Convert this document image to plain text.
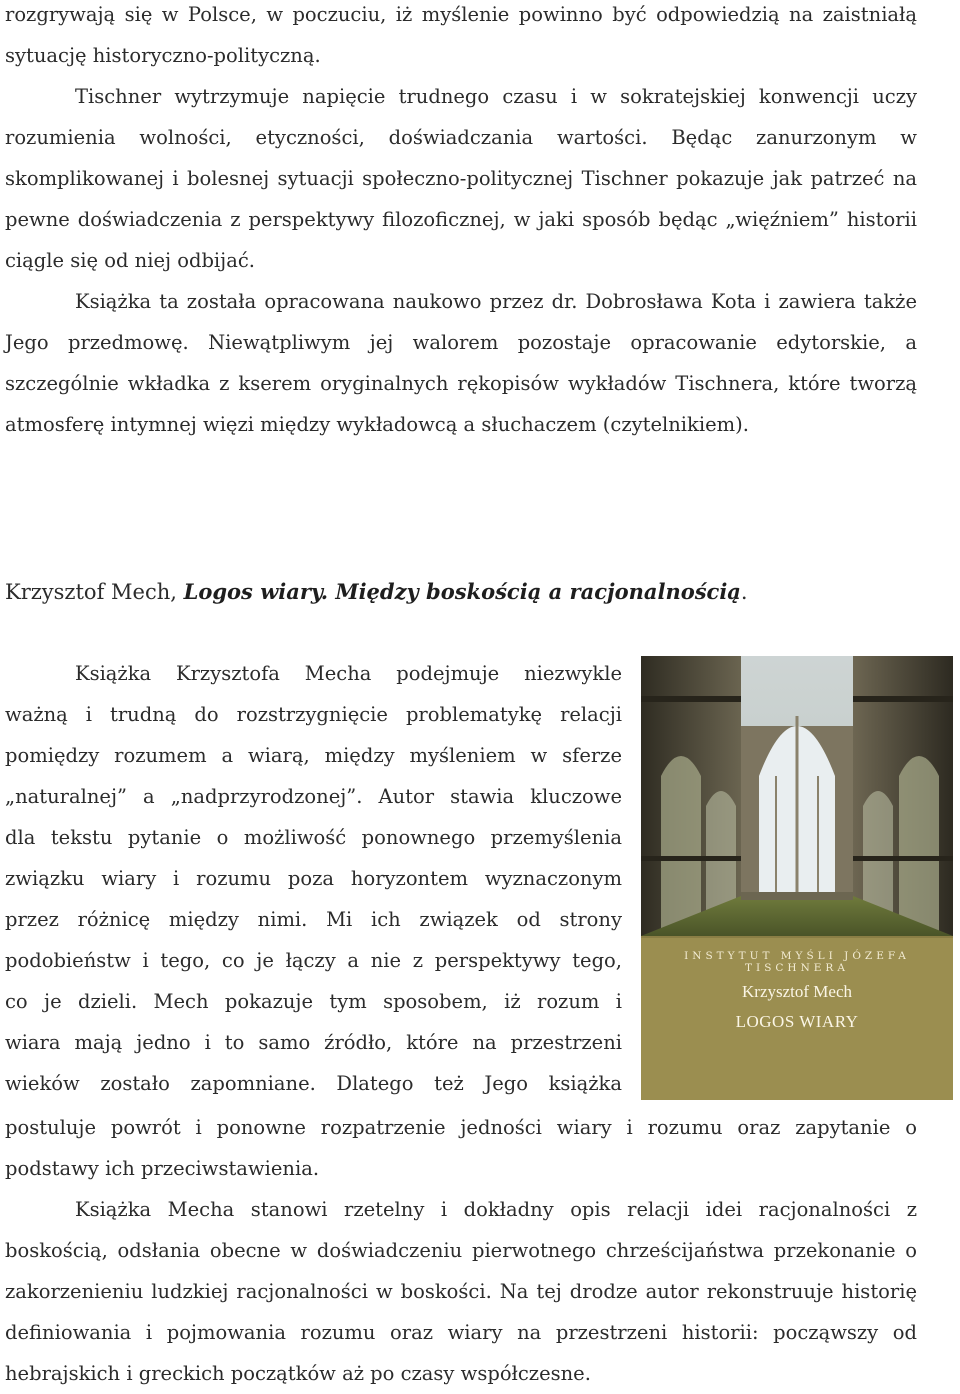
rozgrywają się w Polsce, w poczuciu, iż myślenie powinno być odpowiedzią na zaistniałą sytuację historyczno-polityczną.

Tischner wytrzymuje napięcie trudnego czasu i w sokratejskiej konwencji uczy rozumienia wolności, etyczności, doświadczania wartości. Będąc zanurzonym w skomplikowanej i bolesnej sytuacji społeczno-politycznej Tischner pokazuje jak patrzeć na pewne doświadczenia z perspektywy filozoficznej, w jaki sposób będąc „więźniem” historii ciągle się od niej odbijać.

Książka ta została opracowana naukowo przez dr. Dobrosława Kota i zawiera także Jego przedmowę. Niewątpliwym jej walorem pozostaje opracowanie edytorskie, a szczególnie wkładka z kserem oryginalnych rękopisów wykładów Tischnera, które tworzą atmosferę intymnej więzi między wykładowcą a słuchaczem (czytelnikiem).

Krzysztof Mech, Logos wiary. Między boskością a racjonalnością.
Książka Krzysztofa Mecha podejmuje niezwykle
ważną i trudną do rozstrzygnięcie problematykę relacji
pomiędzy rozumem a wiarą, między myśleniem w sferze
„naturalnej” a „nadprzyrodzonej”. Autor stawia kluczowe
dla tekstu pytanie o możliwość ponownego przemyślenia
związku wiary i rozumu poza horyzontem wyznaczonym
przez różnicę między nimi. Mi ich związek od strony
podobieństw i tego, co je łączy a nie z perspektywy tego,
co je dzieli. Mech pokazuje tym sposobem, iż rozum i
wiara mają jedno i to samo źródło, które na przestrzeni
wieków zostało zapomniane. Dlatego też Jego książka

postuluje powrót i ponowne rozpatrzenie jedności wiary i rozumu oraz zapytanie o podstawy ich przeciwstawienia.

Książka Mecha stanowi rzetelny i dokładny opis relacji idei racjonalności z boskością, odsłania obecne w doświadczeniu pierwotnego chrześcijaństwa przekonanie o zakorzenieniu ludzkiej racjonalności w boskości. Na tej drodze autor rekonstruuje historię definiowania i pojmowania rozumu oraz wiary na przestrzeni historii: począwszy od hebrajskich i greckich początków aż po czasy współczesne.

INSTYTUT MYŚLI JÓZEFA TISCHNERA
Krzysztof Mech
LOGOS WIARY
